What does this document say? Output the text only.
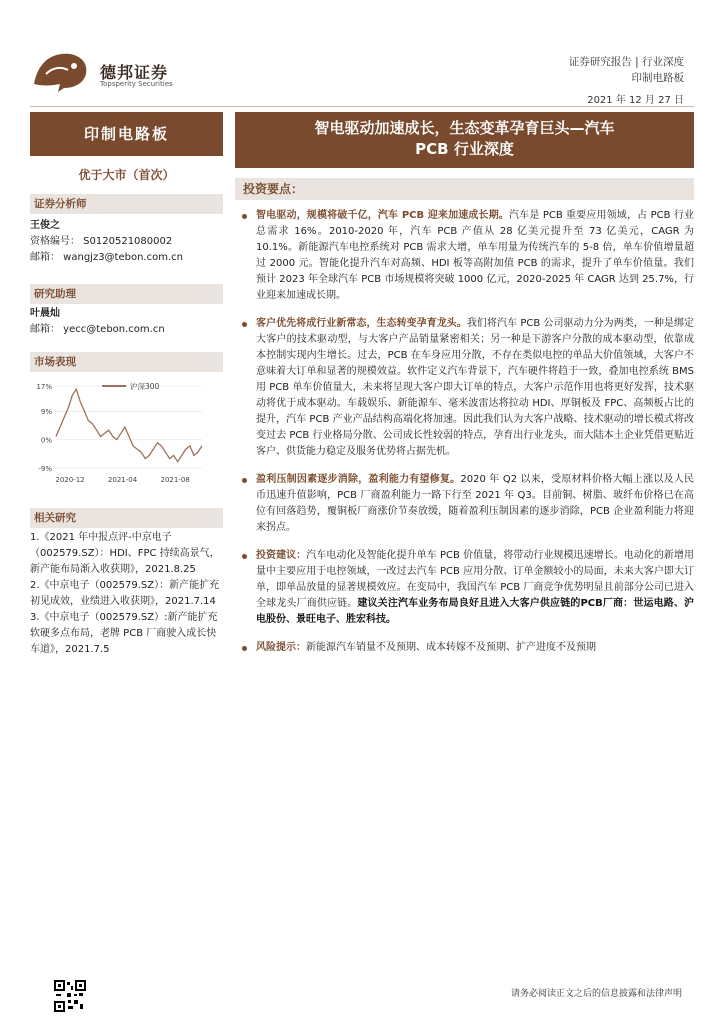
德邦证券
Topsperity Securities
证券研究报告 | 行业深度
印制电路板
2021 年 12 月 27 日
印制电路板
优于大市（首次）
证券分析师
王俊之
资格编号： S0120521080002
邮箱： wangjz3@tebon.com.cn
研究助理
叶晨灿
邮箱： yecc@tebon.com.cn
市场表现
17%
9%
0%
-9%
2020-12	2021-04	2021-08
沪深300
相关研究

1.《2021 年中报点评-中京电子（002579.SZ）：HDI、FPC 持续高景气，新产能布局渐入收获期》，2021.8.25

2.《中京电子（002579.SZ）：新产能扩充初见成效，业绩进入收获期》，2021.7.14

3.《中京电子（002579.SZ）:新产能扩充软硬多点布局，老牌 PCB 厂商驶入成长快车道》，2021.7.5

智电驱动加速成长，生态变革孕育巨头—汽车
PCB 行业深度
投资要点：
智电驱动，规模将破千亿，汽车 PCB 迎来加速成长期。汽车是 PCB 重要应用领域，占 PCB 行业总需求 16%。2010-2020 年，汽车 PCB 产值从 28 亿美元提升至 73 亿美元，CAGR 为 10.1%。新能源汽车电控系统对 PCB 需求大增，单车用量为传统汽车的 5-8 倍，单车价值增量超过 2000 元。智能化提升汽车对高频、HDI 板等高附加值 PCB 的需求，提升了单车价值量。我们预计 2023 年全球汽车 PCB 市场规模将突破 1000 亿元，2020-2025 年 CAGR 达到 25.7%，行业迎来加速成长期。
客户优先将成行业新常态，生态转变孕育龙头。我们将汽车 PCB 公司驱动力分为两类，一种是绑定大客户的技术驱动型，与大客户产品销量紧密相关；另一种是下游客户分散的成本驱动型，依靠成本控制实现内生增长。过去，PCB 在车身应用分散，不存在类似电控的单品大价值领域，大客户不意味着大订单和显著的规模效益。软件定义汽车背景下，汽车硬件将趋于一致，叠加电控系统 BMS 用 PCB 单车价值量大，未来将呈现大客户即大订单的特点，大客户示范作用也将更好发挥，技术驱动将优于成本驱动。车载娱乐、新能源车、毫米波雷达将拉动 HDI、厚铜板及 FPC、高频板占比的提升，汽车 PCB 产业产品结构高端化将加速。因此我们认为大客户战略、技术驱动的增长模式将改变过去 PCB 行业格局分散、公司成长性较弱的特点，孕育出行业龙头，而大陆本土企业凭借更贴近客户、供货能力稳定及服务优势将占据先机。
盈利压制因素逐步消除，盈利能力有望修复。2020 年 Q2 以来，受原材料价格大幅上涨以及人民币迅速升值影响，PCB 厂商盈利能力一路下行至 2021 年 Q3。目前铜、树脂、玻纤布价格已在高位有回落趋势，覆铜板厂商涨价节奏放缓，随着盈利压制因素的逐步消除，PCB 企业盈利能力将迎来拐点。
投资建议：汽车电动化及智能化提升单车 PCB 价值量，将带动行业规模迅速增长。电动化的新增用量中主要应用于电控领域，一改过去汽车 PCB 应用分散、订单金额较小的局面，未来大客户即大订单，即单品放量的显著规模效应。在变局中，我国汽车 PCB 厂商竞争优势明显且前部分公司已进入全球龙头厂商供应链。建议关注汽车业务布局良好且进入大客户供应链的PCB厂商：世运电路、沪电股份、景旺电子、胜宏科技。
风险提示：新能源汽车销量不及预期、成本转嫁不及预期、扩产进度不及预期
请务必阅读正文之后的信息披露和法律声明
